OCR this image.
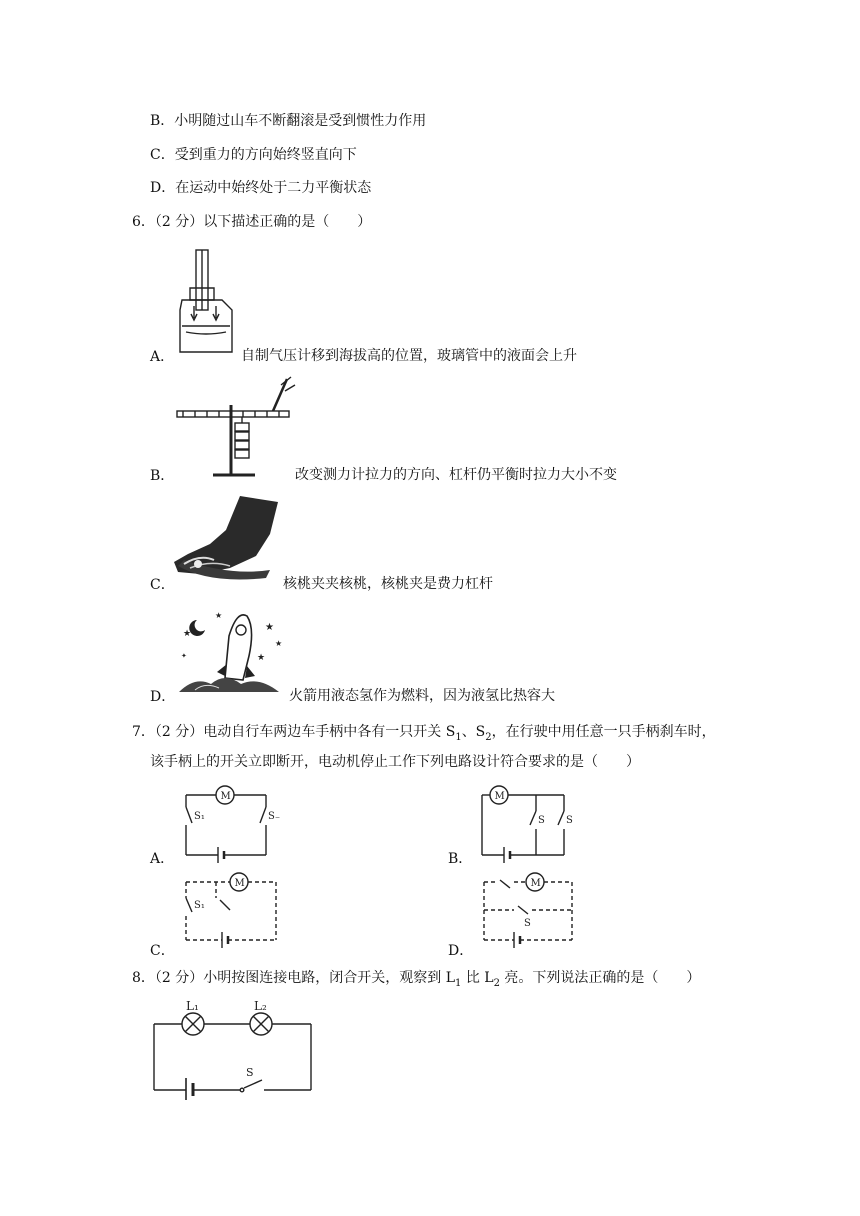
B．小明随过山车不断翻滚是受到惯性力作用
C．受到重力的方向始终竖直向下
D．在运动中始终处于二力平衡状态
6．（2 分）以下描述正确的是（　　）
A．	自制气压计移到海拔高的位置，玻璃管中的液面会上升
B．	改变测力计拉力的方向、杠杆仍平衡时拉力大小不变
C．	核桃夹夹核桃，核桃夹是费力杠杆
★
★
★
★
★
✦
D．	火箭用液态氢作为燃料，因为液氢比热容大
7．（2 分）电动自行车两边车手柄中各有一只开关 $S_1$、$S_2$，在行驶中用任意一只手柄刹车时，
该手柄上的开关立即断开，电动机停止工作下列电路设计符合要求的是（　　）
M
S₁	S₋
A．
M
S S
B．
M
S₁
C．
M
S
D．
8．（2 分）小明按图连接电路，闭合开关，观察到 $L_1$ 比 $L_2$ 亮。下列说法正确的是（　　）
L₁	L₂
S
